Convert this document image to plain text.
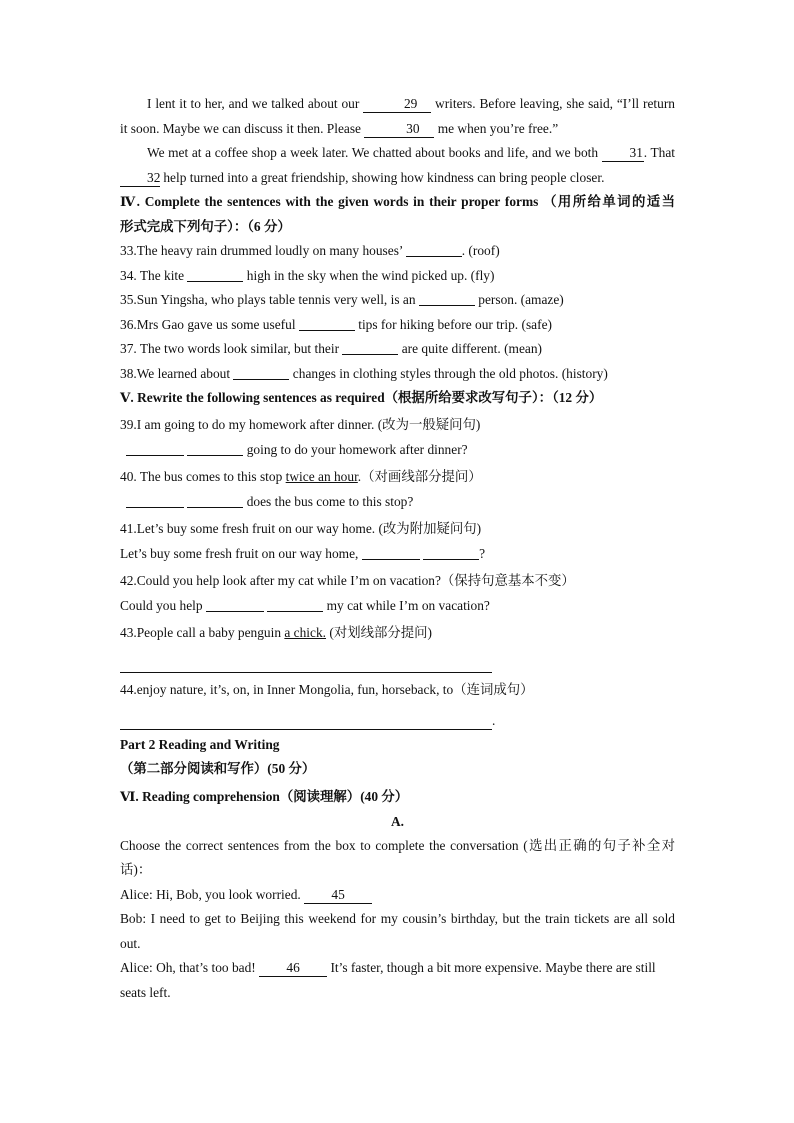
I lent it to her, and we talked about our	29 writers. Before leaving, she said, “I’ll return it soon. Maybe we can discuss it then. Please	30 me when you’re free.”

We met at a coffee shop a week later. We chatted about books and life, and we both 31. That 32 help turned into a great friendship, showing how kindness can bring people closer.

Ⅳ. Complete the sentences with the given words in their proper forms （用所给单词的适当

形式完成下列句子）：（6 分）

33.The heavy rain drummed loudly on many houses’	. (roof)

34. The kite	high in the sky when the wind picked up. (fly)

35.Sun Yingsha, who plays table tennis very well, is an	person. (amaze)

36.Mrs Gao gave us some useful	tips for hiking before our trip. (safe)

37. The two words look similar, but their	are quite different. (mean)

38.We learned about	changes in clothing styles through the old photos. (history)

Ⅴ. Rewrite the following sentences as required（根据所给要求改写句子）：（12 分）

39.I am going to do my homework after dinner. (改为一般疑问句)

going to do your homework after dinner?

40. The bus comes to this stop twice an hour.（对画线部分提问）

does the bus come to this stop?

41.Let’s buy some fresh fruit on our way home. (改为附加疑问句)

Let’s buy some fresh fruit on our way home,	?

42.Could you help look after my cat while I’m on vacation?（保持句意基本不变）

Could you help	my cat while I’m on vacation?

43.People call a baby penguin a chick. (对划线部分提问)

44.enjoy nature, it’s, on, in Inner Mongolia, fun, horseback, to（连词成句）

.

Part 2 Reading and Writing

（第二部分阅读和写作）(50 分）

Ⅵ. Reading comprehension（阅读理解）(40 分）

A.

Choose the correct sentences from the box to complete the conversation (选出正确的句子补全对

话)：

Alice: Hi, Bob, you look worried. 45

Bob: I need to get to Beijing this weekend for my cousin’s birthday, but the train tickets are all sold

out.

Alice: Oh, that’s too bad! 46 It’s faster, though a bit more expensive. Maybe there are still

seats left.
